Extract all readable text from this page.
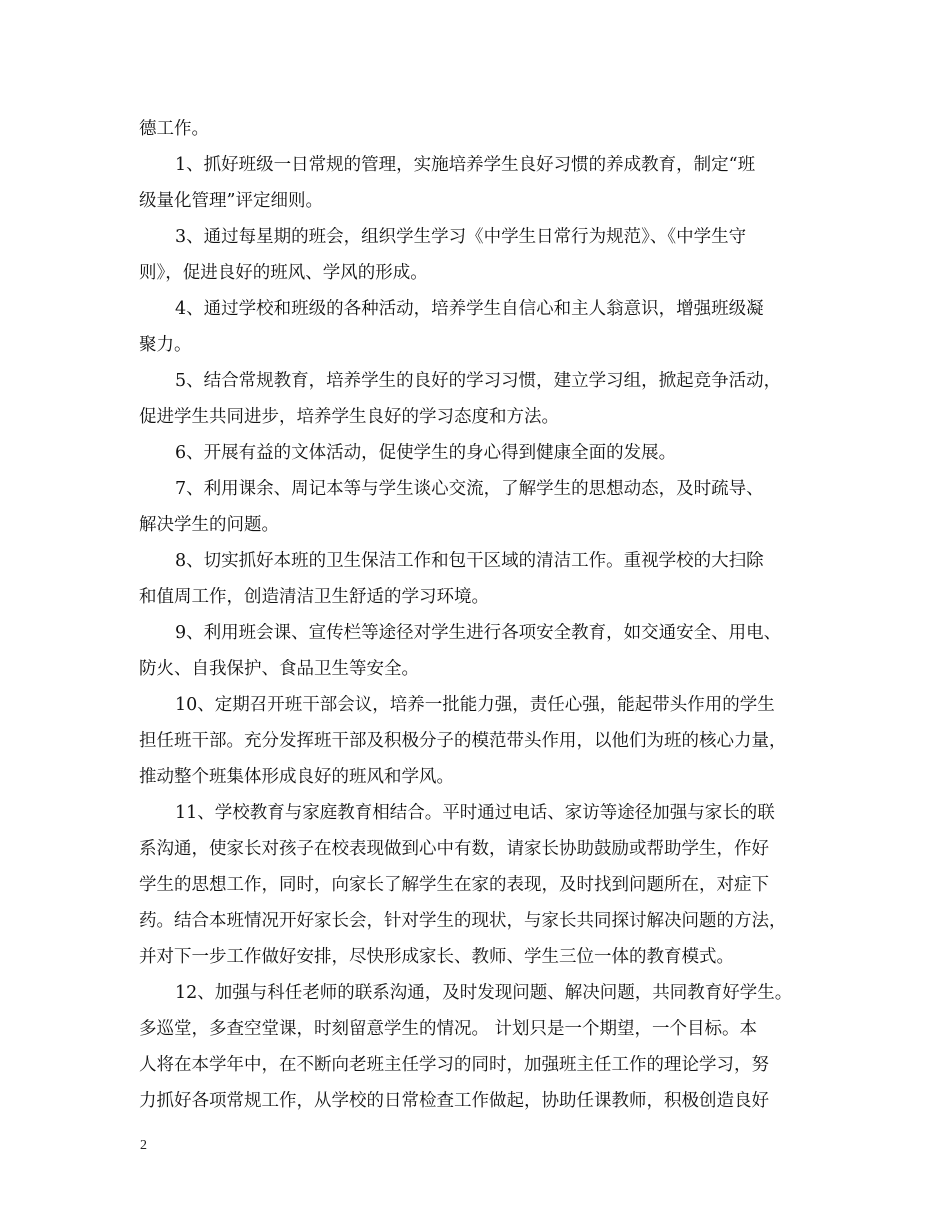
德工作。
1、抓好班级一日常规的管理，实施培养学生良好习惯的养成教育，制定“班
级量化管理”评定细则。
3、通过每星期的班会，组织学生学习《中学生日常行为规范》、《中学生守
则》，促进良好的班风、学风的形成。
4、通过学校和班级的各种活动，培养学生自信心和主人翁意识，增强班级凝
聚力。
5、结合常规教育，培养学生的良好的学习习惯，建立学习组，掀起竞争活动，
促进学生共同进步，培养学生良好的学习态度和方法。
6、开展有益的文体活动，促使学生的身心得到健康全面的发展。
7、利用课余、周记本等与学生谈心交流，了解学生的思想动态，及时疏导、
解决学生的问题。
8、切实抓好本班的卫生保洁工作和包干区域的清洁工作。重视学校的大扫除
和值周工作，创造清洁卫生舒适的学习环境。
9、利用班会课、宣传栏等途径对学生进行各项安全教育，如交通安全、用电、
防火、自我保护、食品卫生等安全。
10、定期召开班干部会议，培养一批能力强，责任心强，能起带头作用的学生
担任班干部。充分发挥班干部及积极分子的模范带头作用，以他们为班的核心力量，
推动整个班集体形成良好的班风和学风。
11、学校教育与家庭教育相结合。平时通过电话、家访等途径加强与家长的联
系沟通，使家长对孩子在校表现做到心中有数，请家长协助鼓励或帮助学生，作好
学生的思想工作，同时，向家长了解学生在家的表现，及时找到问题所在，对症下
药。结合本班情况开好家长会，针对学生的现状，与家长共同探讨解决问题的方法，
并对下一步工作做好安排，尽快形成家长、教师、学生三位一体的教育模式。
12、加强与科任老师的联系沟通，及时发现问题、解决问题，共同教育好学生。
多巡堂，多查空堂课，时刻留意学生的情况。 计划只是一个期望，一个目标。本
人将在本学年中，在不断向老班主任学习的同时，加强班主任工作的理论学习，努
力抓好各项常规工作，从学校的日常检查工作做起，协助任课教师，积极创造良好
2
